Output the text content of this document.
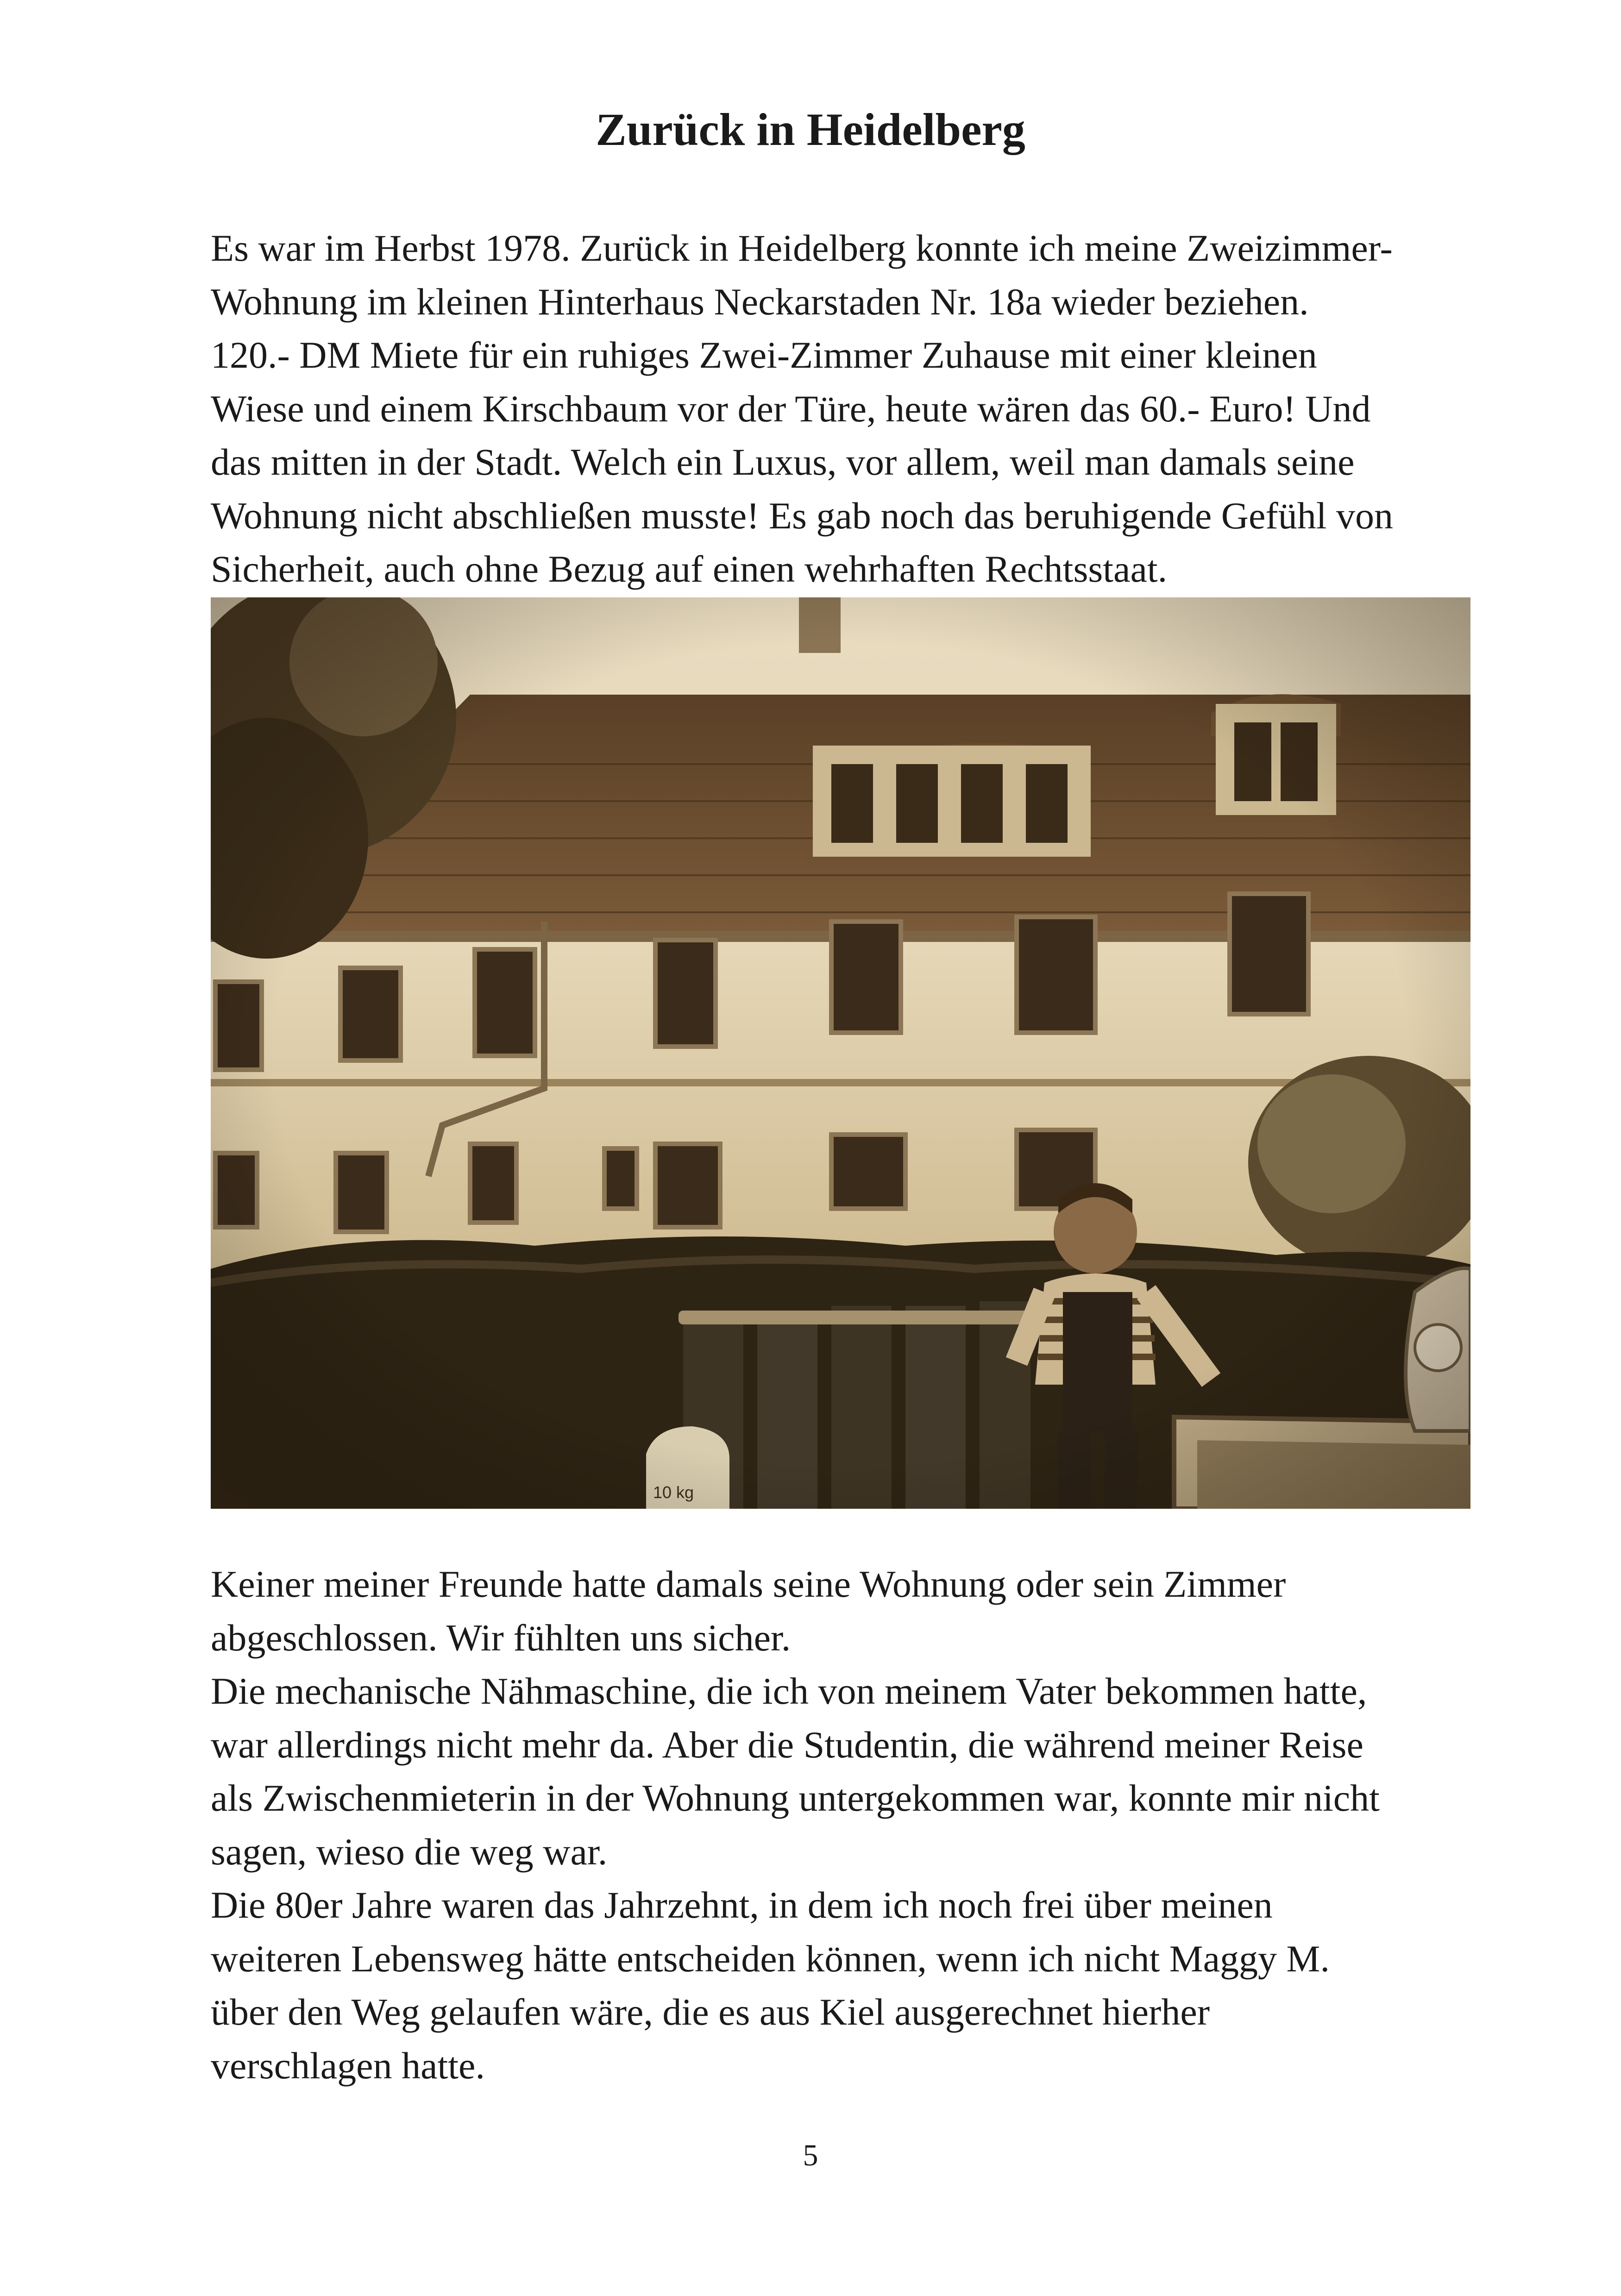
Zurück in Heidelberg
Es war im Herbst 1978. Zurück in Heidelberg konnte ich meine Zweizimmer-
Wohnung im kleinen Hinterhaus Neckarstaden Nr. 18a wieder beziehen.
120.- DM Miete für ein ruhiges Zwei-Zimmer Zuhause mit einer kleinen
Wiese und einem Kirschbaum vor der Türe, heute wären das 60.- Euro! Und
das mitten in der Stadt. Welch ein Luxus, vor allem, weil man damals seine
Wohnung nicht abschließen musste! Es gab noch das beruhigende Gefühl von
Sicherheit, auch ohne Bezug auf einen wehrhaften Rechtsstaat.
Keiner meiner Freunde hatte damals seine Wohnung oder sein Zimmer
abgeschlossen. Wir fühlten uns sicher.
Die mechanische Nähmaschine, die ich von meinem Vater bekommen hatte,
war allerdings nicht mehr da. Aber die Studentin, die während meiner Reise
als Zwischenmieterin in der Wohnung untergekommen war, konnte mir nicht
sagen, wieso die weg war.
Die 80er Jahre waren das Jahrzehnt, in dem ich noch frei über meinen
weiteren Lebensweg hätte entscheiden können, wenn ich nicht Maggy M.
über den Weg gelaufen wäre, die es aus Kiel ausgerechnet hierher
verschlagen hatte.
5
